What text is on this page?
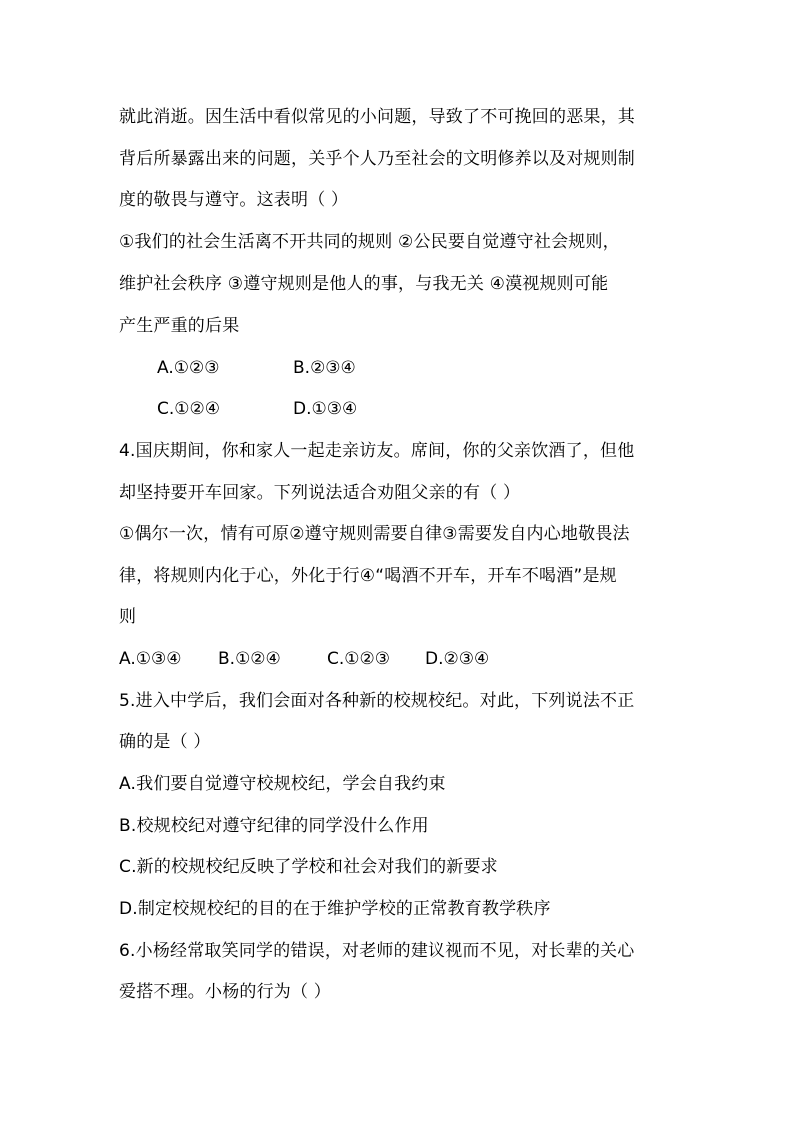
就此消逝。因生活中看似常见的小问题，导致了不可挽回的恶果，其
背后所暴露出来的问题，关乎个人乃至社会的文明修养以及对规则制
度的敬畏与遵守。这表明（ ）
①我们的社会生活离不开共同的规则 ②公民要自觉遵守社会规则，
维护社会秩序 ③遵守规则是他人的事，与我无关 ④漠视规则可能
产生严重的后果
A.①②③	B.②③④
C.①②④	D.①③④
4.国庆期间，你和家人一起走亲访友。席间，你的父亲饮酒了，但他
却坚持要开车回家。下列说法适合劝阻父亲的有（ ）
①偶尔一次，情有可原②遵守规则需要自律③需要发自内心地敬畏法
律，将规则内化于心，外化于行④“喝酒不开车，开车不喝酒”是规
则
A.①③④ B.①②④	C.①②③ D.②③④
5.进入中学后，我们会面对各种新的校规校纪。对此，下列说法不正
确的是（ ）
A.我们要自觉遵守校规校纪，学会自我约束
B.校规校纪对遵守纪律的同学没什么作用
C.新的校规校纪反映了学校和社会对我们的新要求
D.制定校规校纪的目的在于维护学校的正常教育教学秩序
6.小杨经常取笑同学的错误，对老师的建议视而不见，对长辈的关心
爱搭不理。小杨的行为（ ）
